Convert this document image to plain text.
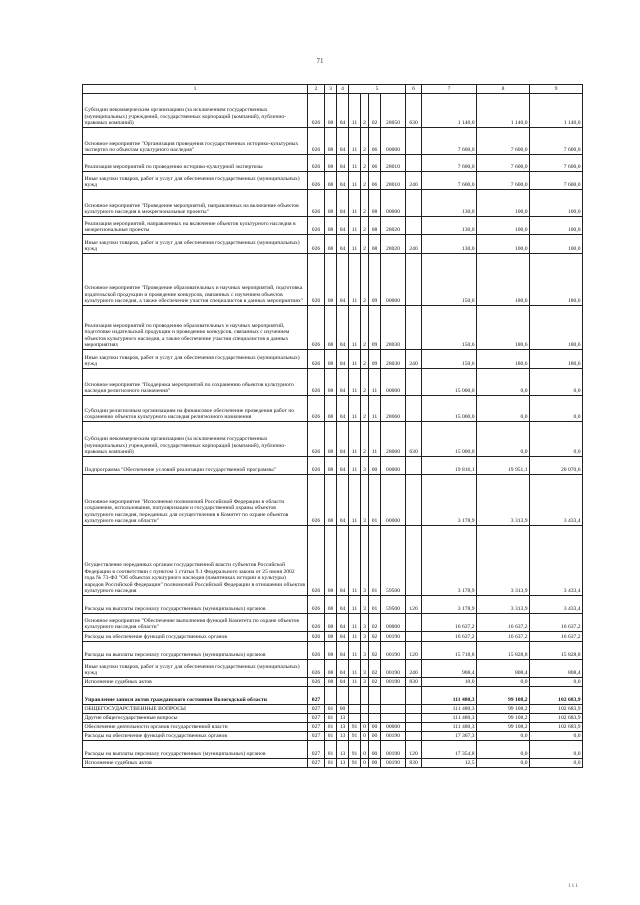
71
1	2	3	4	5				6	7	8	9
Субсидии некоммерческим организациям (за исключением государственных (муниципальных) учреждений, государственных корпораций (компаний), публично-правовых компаний)	026	08	04	11	2	02	28050	630	1 140,0	1 140,0	1 140,0
Основное мероприятие "Организация проведения государственных историко-культурных экспертиз по объектам культурного наследия"	026	08	04	11	2	06	00000		7 600,0	7 600,0	7 600,0
Реализация мероприятий по проведению историко-культурной экспертизы	026	08	04	11	2	06	28010		7 600,0	7 600,0	7 600,0
Иные закупки товаров, работ и услуг для обеспечения государственных (муниципальных) нужд	026	08	04	11	2	06	28010	240	7 600,0	7 600,0	7 600,0
Основное мероприятие "Проведение мероприятий, направленных на включение объектов культурного наследия в межрегиональные проекты"	026	08	04	11	2	08	00000		130,0	100,0	100,0
Реализация мероприятий, направленных на включение объектов культурного наследия в межрегиональные проекты	026	08	04	11	2	08	28020		130,0	100,0	100,0
Иные закупки товаров, работ и услуг для обеспечения государственных (муниципальных) нужд	026	08	04	11	2	08	28020	240	130,0	100,0	100,0
Основное мероприятие "Проведение образовательных и научных мероприятий, подготовка издательской продукции и проведение конкурсов, связанных с изучением объектов культурного наследия, а также обеспечение участия специалистов в данных мероприятиях"	026	08	04	11	2	09	00000		150,6	180,6	180,6
Реализация мероприятий по проведению образовательных и научных мероприятий, подготовке издательской продукции и проведению конкурсов, связанных с изучением объектов культурного наследия, а также обеспечение участия специалистов в данных мероприятиях	026	08	04	11	2	09	28030		150,6	180,6	180,6
Иные закупки товаров, работ и услуг для обеспечения государственных (муниципальных) нужд	026	08	04	11	2	09	28030	240	150,6	180,6	180,6
Основное мероприятие "Поддержка мероприятий по сохранению объектов культурного наследия религиозного назначения"	026	08	04	11	2	11	00000		15 000,0	0,0	0,0
Субсидии религиозным организациям на финансовое обеспечение проведения работ по сохранению объектов культурного наследия религиозного назначения	026	08	04	11	2	11	28060		15 000,0	0,0	0,0
Субсидии некоммерческим организациям (за исключением государственных (муниципальных) учреждений, государственных корпораций (компаний), публично-правовых компаний)	026	08	04	11	2	11	28060	630	15 000,0	0,0	0,0
Подпрограмма "Обеспечение условий реализации государственной программы"	026	08	04	11	3	00	00000		19 816,1	19 951,1	20 070,6
Основное мероприятие "Исполнение полномочий Российской Федерации в области сохранения, использования, популяризации и государственной охраны объектов культурного наследия, переданных для осуществления в Комитет по охране объектов культурного наследия области"	026	08	04	11	3	01	00000		3 178,9	3 313,9	3 433,4
Осуществление переданных органам государственной власти субъектов Российской Федерации в соответствии с пунктом 1 статьи 9.1 Федерального закона от 25 июня 2002 года № 73-ФЗ "Об объектах культурного наследия (памятниках истории и культуры) народов Российской Федерации" полномочий Российской Федерации в отношении объектов культурного наследия	026	08	04	11	3	01	59500		3 178,9	3 313,9	3 433,4
Расходы на выплаты персоналу государственных (муниципальных) органов	026	08	04	11	3	01	59500	120	3 178,9	3 313,9	3 433,4
Основное мероприятие "Обеспечение выполнения функций Комитета по охране объектов культурного наследия области"	026	08	04	11	3	02	00000		16 637,2	16 637,2	16 637,2
Расходы на обеспечение функций государственных органов	026	08	04	11	3	02	00190		16 637,2	16 637,2	16 637,2
Расходы на выплаты персоналу государственных (муниципальных) органов	026	08	04	11	3	02	00190	120	15 718,8	15 828,8	15 828,8
Иные закупки товаров, работ и услуг для обеспечения государственных (муниципальных) нужд	026	08	04	11	3	02	00190	240	908,4	808,4	808,4
Исполнение судебных актов	026	08	04	11	3	02	00190	830	10,0	0,0	0,0
Управление записи актов гражданского состояния Вологодской области	027								111 480,3	99 108,2	102 683,9
ОБЩЕГОСУДАРСТВЕННЫЕ ВОПРОСЫ	027	01	00						111 480,3	99 108,2	102 683,9
Другие общегосударственные вопросы	027	01	13						111 480,3	99 108,2	102 683,9
Обеспечение деятельности органов государственной власти	027	01	13	91	0	00	00000		111 480,3	99 108,2	102 683,9
Расходы на обеспечение функций государственных органов	027	01	13	91	0	00	00190		17 367,3	0,0	0,0
Расходы на выплаты персоналу государственных (муниципальных) органов	027	01	13	91	0	00	00190	120	17 354,8	0,0	0,0
Исполнение судебных актов	027	01	13	91	0	00	00190	830	12,5	0,0	0,0
111
